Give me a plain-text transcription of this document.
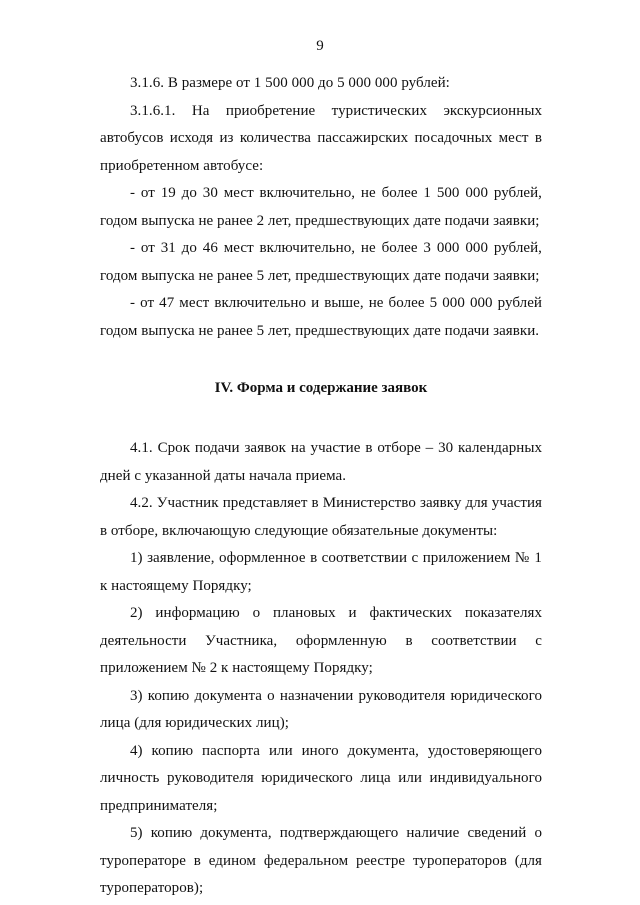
9

3.1.6. В размере от 1 500 000 до 5 000 000 рублей:

3.1.6.1. На приобретение туристических экскурсионных автобусов исходя из количества пассажирских посадочных мест в приобретенном автобусе:

- от 19 до 30 мест включительно, не более 1 500 000 рублей, годом выпуска не ранее 2 лет, предшествующих дате подачи заявки;

- от 31 до 46 мест включительно, не более 3 000 000 рублей, годом выпуска не ранее 5 лет, предшествующих дате подачи заявки;

- от 47 мест включительно и выше, не более 5 000 000 рублей годом выпуска не ранее 5 лет, предшествующих дате подачи заявки.

IV. Форма и содержание заявок

4.1. Срок подачи заявок на участие в отборе – 30 календарных дней с указанной даты начала приема.

4.2. Участник представляет в Министерство заявку для участия в отборе, включающую следующие обязательные документы:

1) заявление, оформленное в соответствии с приложением № 1 к настоящему Порядку;

2) информацию о плановых и фактических показателях деятельности Участника, оформленную в соответствии с приложением № 2 к настоящему Порядку;

3) копию документа о назначении руководителя юридического лица (для юридических лиц);

4) копию паспорта или иного документа, удостоверяющего личность руководителя юридического лица или индивидуального предпринимателя;

5) копию документа, подтверждающего наличие сведений о туроператоре в едином федеральном реестре туроператоров (для туроператоров);
